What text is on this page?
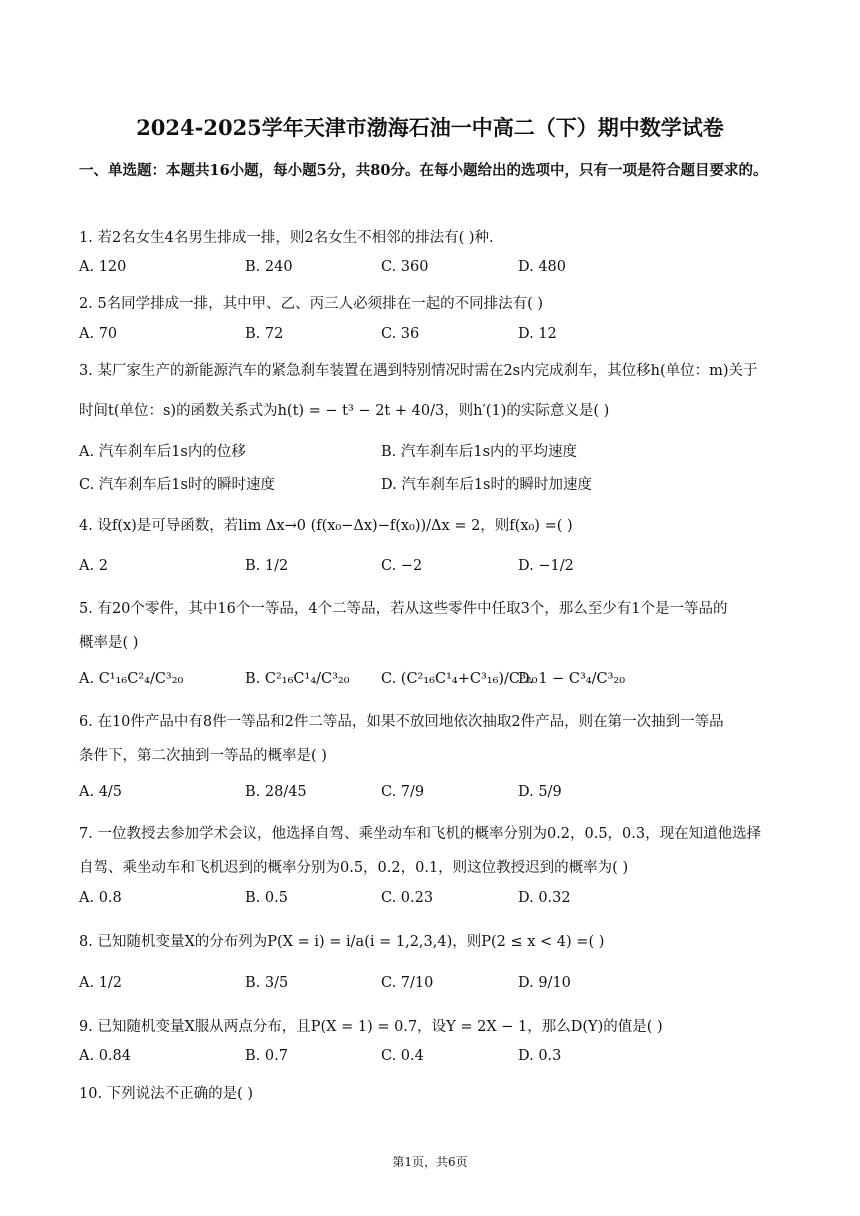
2024-2025学年天津市渤海石油一中高二（下）期中数学试卷
一、单选题：本题共16小题，每小题5分，共80分。在每小题给出的选项中，只有一项是符合题目要求的。
1. 若2名女生4名男生排成一排，则2名女生不相邻的排法有( )种.
A. 120	B. 240	C. 360	D. 480
2. 5名同学排成一排，其中甲、乙、丙三人必须排在一起的不同排法有( )
A. 70	B. 72	C. 36	D. 12
3. 某厂家生产的新能源汽车的紧急刹车装置在遇到特别情况时需在2s内完成刹车，其位移h(单位：m)关于
时间t(单位：s)的函数关系式为h(t) = − t³ − 2t + 40/3，则h′(1)的实际意义是( )
A. 汽车刹车后1s内的位移	B. 汽车刹车后1s内的平均速度
C. 汽车刹车后1s时的瞬时速度	D. 汽车刹车后1s时的瞬时加速度
4. 设f(x)是可导函数，若lim Δx→0 (f(x₀−Δx)−f(x₀))/Δx = 2，则f(x₀) =( )
A. 2	B. 1/2	C. −2	D. −1/2
5. 有20个零件，其中16个一等品，4个二等品，若从这些零件中任取3个，那么至少有1个是一等品的
概率是( )
A. C¹₁₆C²₄/C³₂₀	B. C²₁₆C¹₄/C³₂₀ C. (C²₁₆C¹₄+C³₁₆)/C³₂₀
D. 1 − C³₄/C³₂₀
6. 在10件产品中有8件一等品和2件二等品，如果不放回地依次抽取2件产品，则在第一次抽到一等品
条件下，第二次抽到一等品的概率是( )
A. 4/5	B. 28/45	C. 7/9	D. 5/9
7. 一位教授去参加学术会议，他选择自驾、乘坐动车和飞机的概率分别为0.2，0.5，0.3，现在知道他选择
自驾、乘坐动车和飞机迟到的概率分别为0.5，0.2，0.1，则这位教授迟到的概率为( )
A. 0.8	B. 0.5	C. 0.23	D. 0.32
8. 已知随机变量X的分布列为P(X = i) = i/a(i = 1,2,3,4)，则P(2 ≤ x < 4) =( )
A. 1/2	B. 3/5	C. 7/10	D. 9/10
9. 已知随机变量X服从两点分布，且P(X = 1) = 0.7，设Y = 2X − 1，那么D(Y)的值是( )
A. 0.84	B. 0.7	C. 0.4	D. 0.3
10. 下列说法不正确的是( )
第1页，共6页
